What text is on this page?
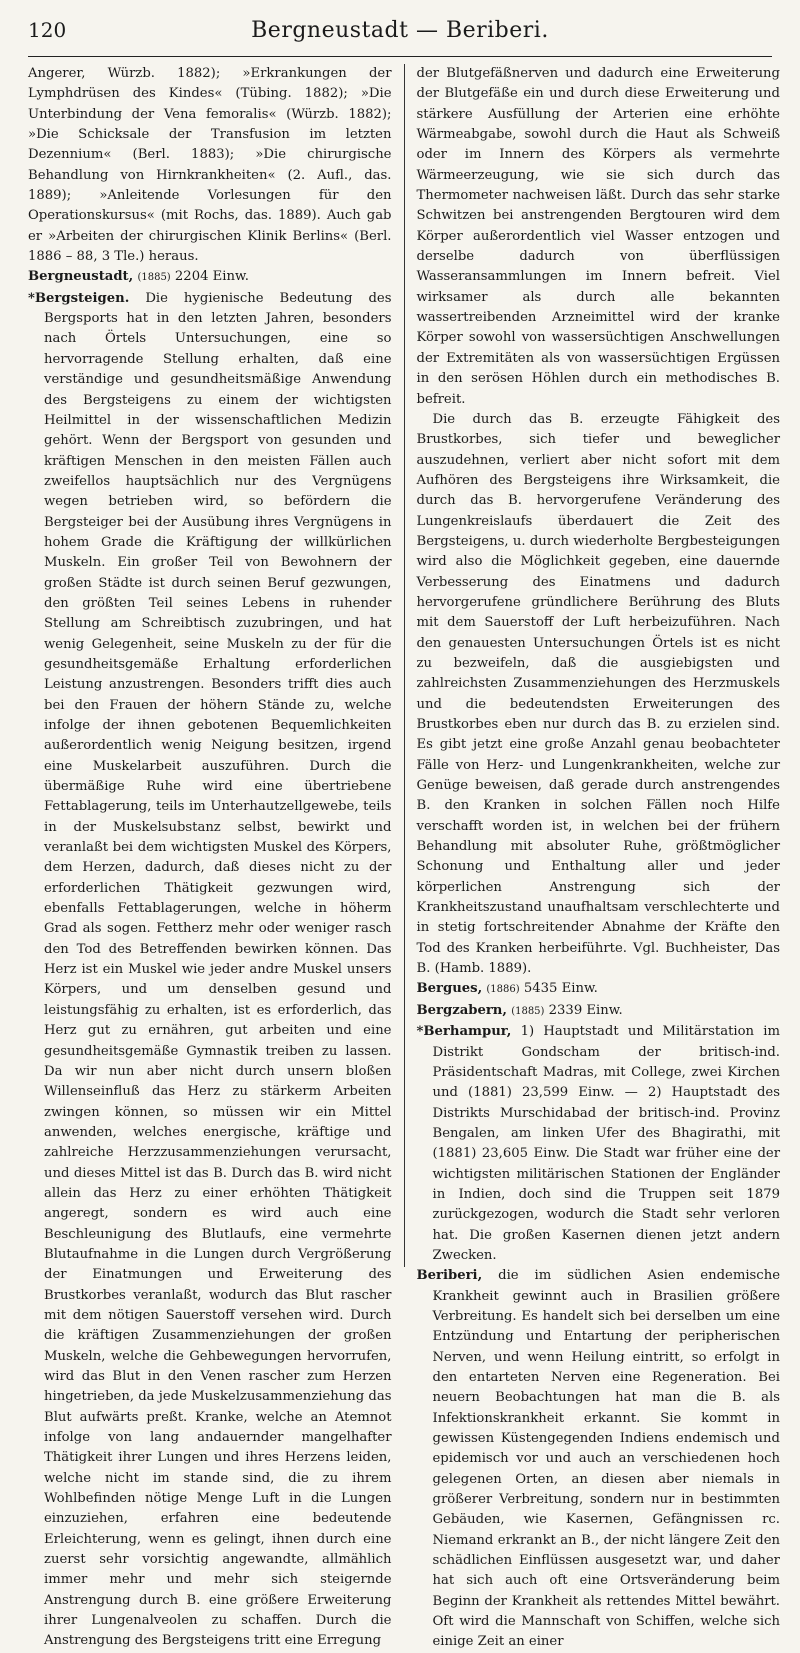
120	Bergneustadt — Beriberi.

Angerer, Würzb. 1882); »Erkrankungen der Lymphdrüsen des Kindes« (Tübing. 1882); »Die Unterbindung der Vena femoralis« (Würzb. 1882); »Die Schicksale der Transfusion im letzten Dezennium« (Berl. 1883); »Die chirurgische Behandlung von Hirnkrankheiten« (2. Aufl., das. 1889); »Anleitende Vorlesungen für den Operationskursus« (mit Rochs, das. 1889). Auch gab er »Arbeiten der chirurgischen Klinik Berlins« (Berl. 1886 – 88, 3 Tle.) heraus.

Bergneustadt, (1885) 2204 Einw.

*Bergsteigen. Die hygienische Bedeutung des Bergsports hat in den letzten Jahren, besonders nach Örtels Untersuchungen, eine so hervorragende Stellung erhalten, daß eine verständige und gesundheitsmäßige Anwendung des Bergsteigens zu einem der wichtigsten Heilmittel in der wissenschaftlichen Medizin gehört. Wenn der Bergsport von gesunden und kräftigen Menschen in den meisten Fällen auch zweifellos hauptsächlich nur des Vergnügens wegen betrieben wird, so befördern die Bergsteiger bei der Ausübung ihres Vergnügens in hohem Grade die Kräftigung der willkürlichen Muskeln. Ein großer Teil von Bewohnern der großen Städte ist durch seinen Beruf gezwungen, den größten Teil seines Lebens in ruhender Stellung am Schreibtisch zuzubringen, und hat wenig Gelegenheit, seine Muskeln zu der für die gesundheitsgemäße Erhaltung erforderlichen Leistung anzustrengen. Besonders trifft dies auch bei den Frauen der höhern Stände zu, welche infolge der ihnen gebotenen Bequemlichkeiten außerordentlich wenig Neigung besitzen, irgend eine Muskelarbeit auszuführen. Durch die übermäßige Ruhe wird eine übertriebene Fettablagerung, teils im Unterhautzellgewebe, teils in der Muskelsubstanz selbst, bewirkt und veranlaßt bei dem wichtigsten Muskel des Körpers, dem Herzen, dadurch, daß dieses nicht zu der erforderlichen Thätigkeit gezwungen wird, ebenfalls Fettablagerungen, welche in höherm Grad als sogen. Fettherz mehr oder weniger rasch den Tod des Betreffenden bewirken können. Das Herz ist ein Muskel wie jeder andre Muskel unsers Körpers, und um denselben gesund und leistungsfähig zu erhalten, ist es erforderlich, das Herz gut zu ernähren, gut arbeiten und eine gesundheitsgemäße Gymnastik treiben zu lassen. Da wir nun aber nicht durch unsern bloßen Willenseinfluß das Herz zu stärkerm Arbeiten zwingen können, so müssen wir ein Mittel anwenden, welches energische, kräftige und zahlreiche Herzzusammenziehungen verursacht, und dieses Mittel ist das B. Durch das B. wird nicht allein das Herz zu einer erhöhten Thätigkeit angeregt, sondern es wird auch eine Beschleunigung des Blutlaufs, eine vermehrte Blutaufnahme in die Lungen durch Vergrößerung der Einatmungen und Erweiterung des Brustkorbes veranlaßt, wodurch das Blut rascher mit dem nötigen Sauerstoff versehen wird. Durch die kräftigen Zusammenziehungen der großen Muskeln, welche die Gehbewegungen hervorrufen, wird das Blut in den Venen rascher zum Herzen hingetrieben, da jede Muskelzusammenziehung das Blut aufwärts preßt. Kranke, welche an Atemnot infolge von lang andauernder mangelhafter Thätigkeit ihrer Lungen und ihres Herzens leiden, welche nicht im stande sind, die zu ihrem Wohlbefinden nötige Menge Luft in die Lungen einzuziehen, erfahren eine bedeutende Erleichterung, wenn es gelingt, ihnen durch eine zuerst sehr vorsichtig angewandte, allmählich immer mehr und mehr sich steigernde Anstrengung durch B. eine größere Erweiterung ihrer Lungenalveolen zu schaffen. Durch die Anstrengung des Bergsteigens tritt eine Erregung

der Blutgefäßnerven und dadurch eine Erweiterung der Blutgefäße ein und durch diese Erweiterung und stärkere Ausfüllung der Arterien eine erhöhte Wärmeabgabe, sowohl durch die Haut als Schweiß oder im Innern des Körpers als vermehrte Wärmeerzeugung, wie sie sich durch das Thermometer nachweisen läßt. Durch das sehr starke Schwitzen bei anstrengenden Bergtouren wird dem Körper außerordentlich viel Wasser entzogen und derselbe dadurch von überflüssigen Wasseransammlungen im Innern befreit. Viel wirksamer als durch alle bekannten wassertreibenden Arzneimittel wird der kranke Körper sowohl von wassersüchtigen Anschwellungen der Extremitäten als von wassersüchtigen Ergüssen in den serösen Höhlen durch ein methodisches B. befreit.

Die durch das B. erzeugte Fähigkeit des Brustkorbes, sich tiefer und beweglicher auszudehnen, verliert aber nicht sofort mit dem Aufhören des Bergsteigens ihre Wirksamkeit, die durch das B. hervorgerufene Veränderung des Lungenkreislaufs überdauert die Zeit des Bergsteigens, u. durch wiederholte Bergbesteigungen wird also die Möglichkeit gegeben, eine dauernde Verbesserung des Einatmens und dadurch hervorgerufene gründlichere Berührung des Bluts mit dem Sauerstoff der Luft herbeizuführen. Nach den genauesten Untersuchungen Örtels ist es nicht zu bezweifeln, daß die ausgiebigsten und zahlreichsten Zusammenziehungen des Herzmuskels und die bedeutendsten Erweiterungen des Brustkorbes eben nur durch das B. zu erzielen sind. Es gibt jetzt eine große Anzahl genau beobachteter Fälle von Herz- und Lungenkrankheiten, welche zur Genüge beweisen, daß gerade durch anstrengendes B. den Kranken in solchen Fällen noch Hilfe verschafft worden ist, in welchen bei der frühern Behandlung mit absoluter Ruhe, größtmöglicher Schonung und Enthaltung aller und jeder körperlichen Anstrengung sich der Krankheitszustand unaufhaltsam verschlechterte und in stetig fortschreitender Abnahme der Kräfte den Tod des Kranken herbeiführte. Vgl. Buchheister, Das B. (Hamb. 1889).

Bergues, (1886) 5435 Einw.

Bergzabern, (1885) 2339 Einw.

*Berhampur, 1) Hauptstadt und Militärstation im Distrikt Gondscham der britisch-ind. Präsidentschaft Madras, mit College, zwei Kirchen und (1881) 23,599 Einw. — 2) Hauptstadt des Distrikts Murschidabad der britisch-ind. Provinz Bengalen, am linken Ufer des Bhagirathi, mit (1881) 23,605 Einw. Die Stadt war früher eine der wichtigsten militärischen Stationen der Engländer in Indien, doch sind die Truppen seit 1879 zurückgezogen, wodurch die Stadt sehr verloren hat. Die großen Kasernen dienen jetzt andern Zwecken.

Beriberi, die im südlichen Asien endemische Krankheit gewinnt auch in Brasilien größere Verbreitung. Es handelt sich bei derselben um eine Entzündung und Entartung der peripherischen Nerven, und wenn Heilung eintritt, so erfolgt in den entarteten Nerven eine Regeneration. Bei neuern Beobachtungen hat man die B. als Infektionskrankheit erkannt. Sie kommt in gewissen Küstengegenden Indiens endemisch und epidemisch vor und auch an verschiedenen hoch gelegenen Orten, an diesen aber niemals in größerer Verbreitung, sondern nur in bestimmten Gebäuden, wie Kasernen, Gefängnissen rc. Niemand erkrankt an B., der nicht längere Zeit den schädlichen Einflüssen ausgesetzt war, und daher hat sich auch oft eine Ortsveränderung beim Beginn der Krankheit als rettendes Mittel bewährt. Oft wird die Mannschaft von Schiffen, welche sich einige Zeit an einer
